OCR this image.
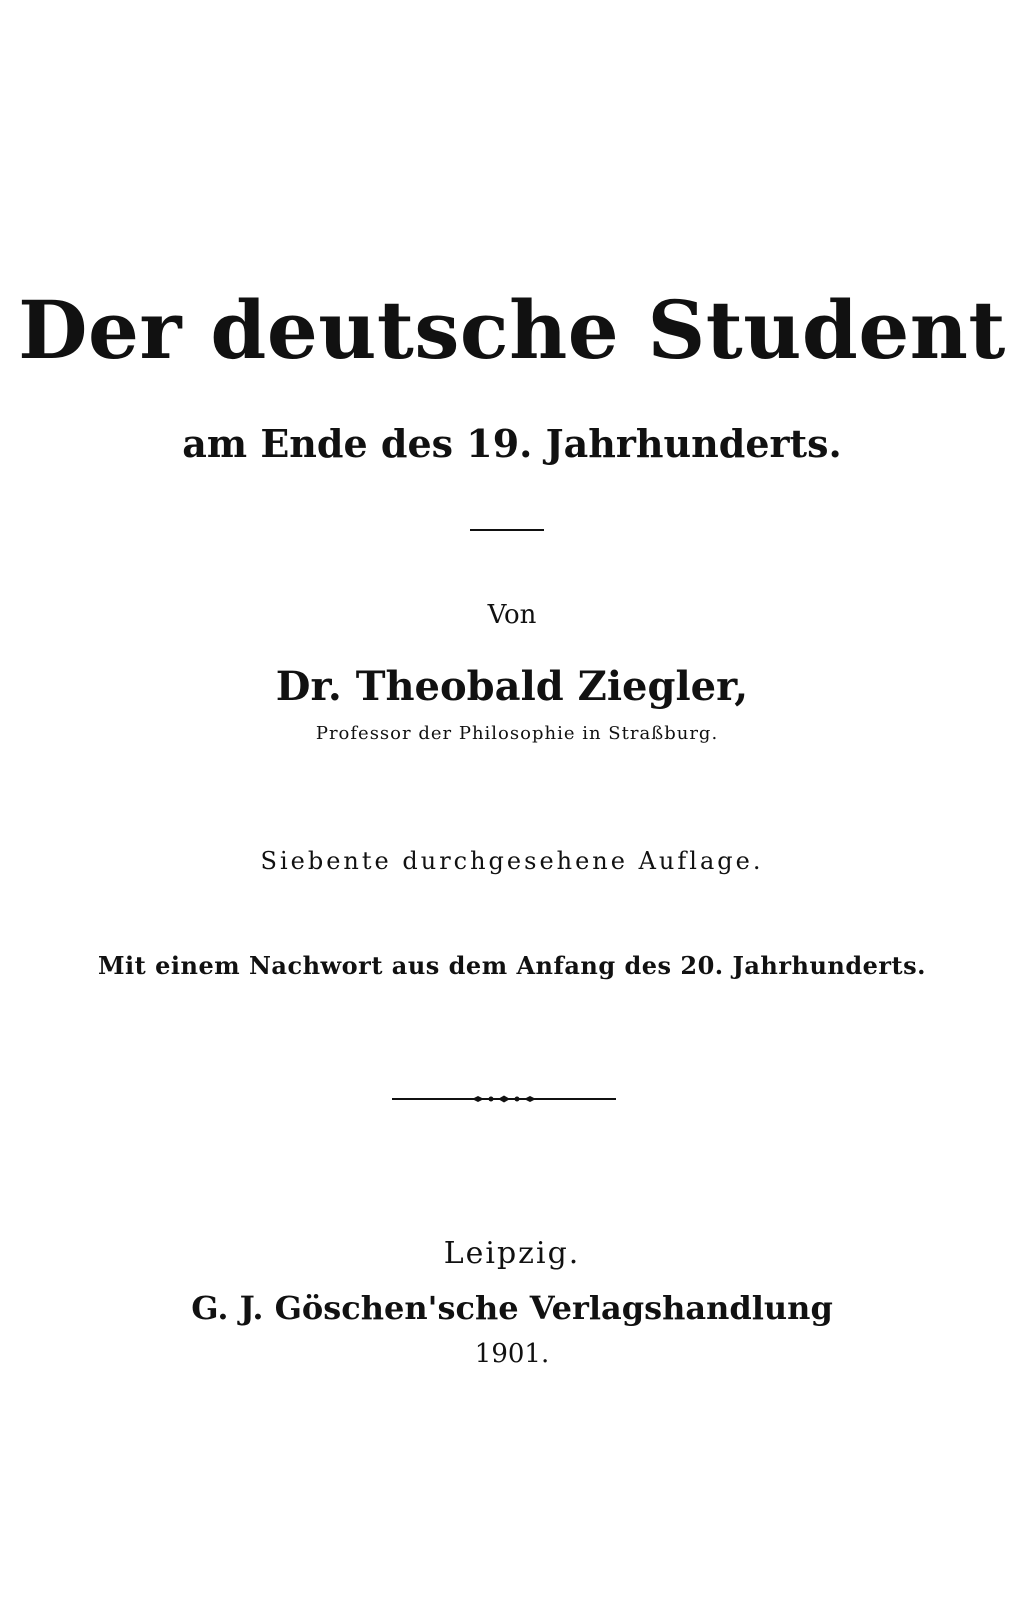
Der deutsche Student
am Ende des 19. Jahrhunderts.
Von
Dr. Theobald Ziegler,
Professor der Philosophie in Straßburg.
Siebente durchgesehene Auflage.
Mit einem Nachwort aus dem Anfang des 20. Jahrhunderts.
Leipzig.
G. J. Göschen'sche Verlagshandlung
1901.
